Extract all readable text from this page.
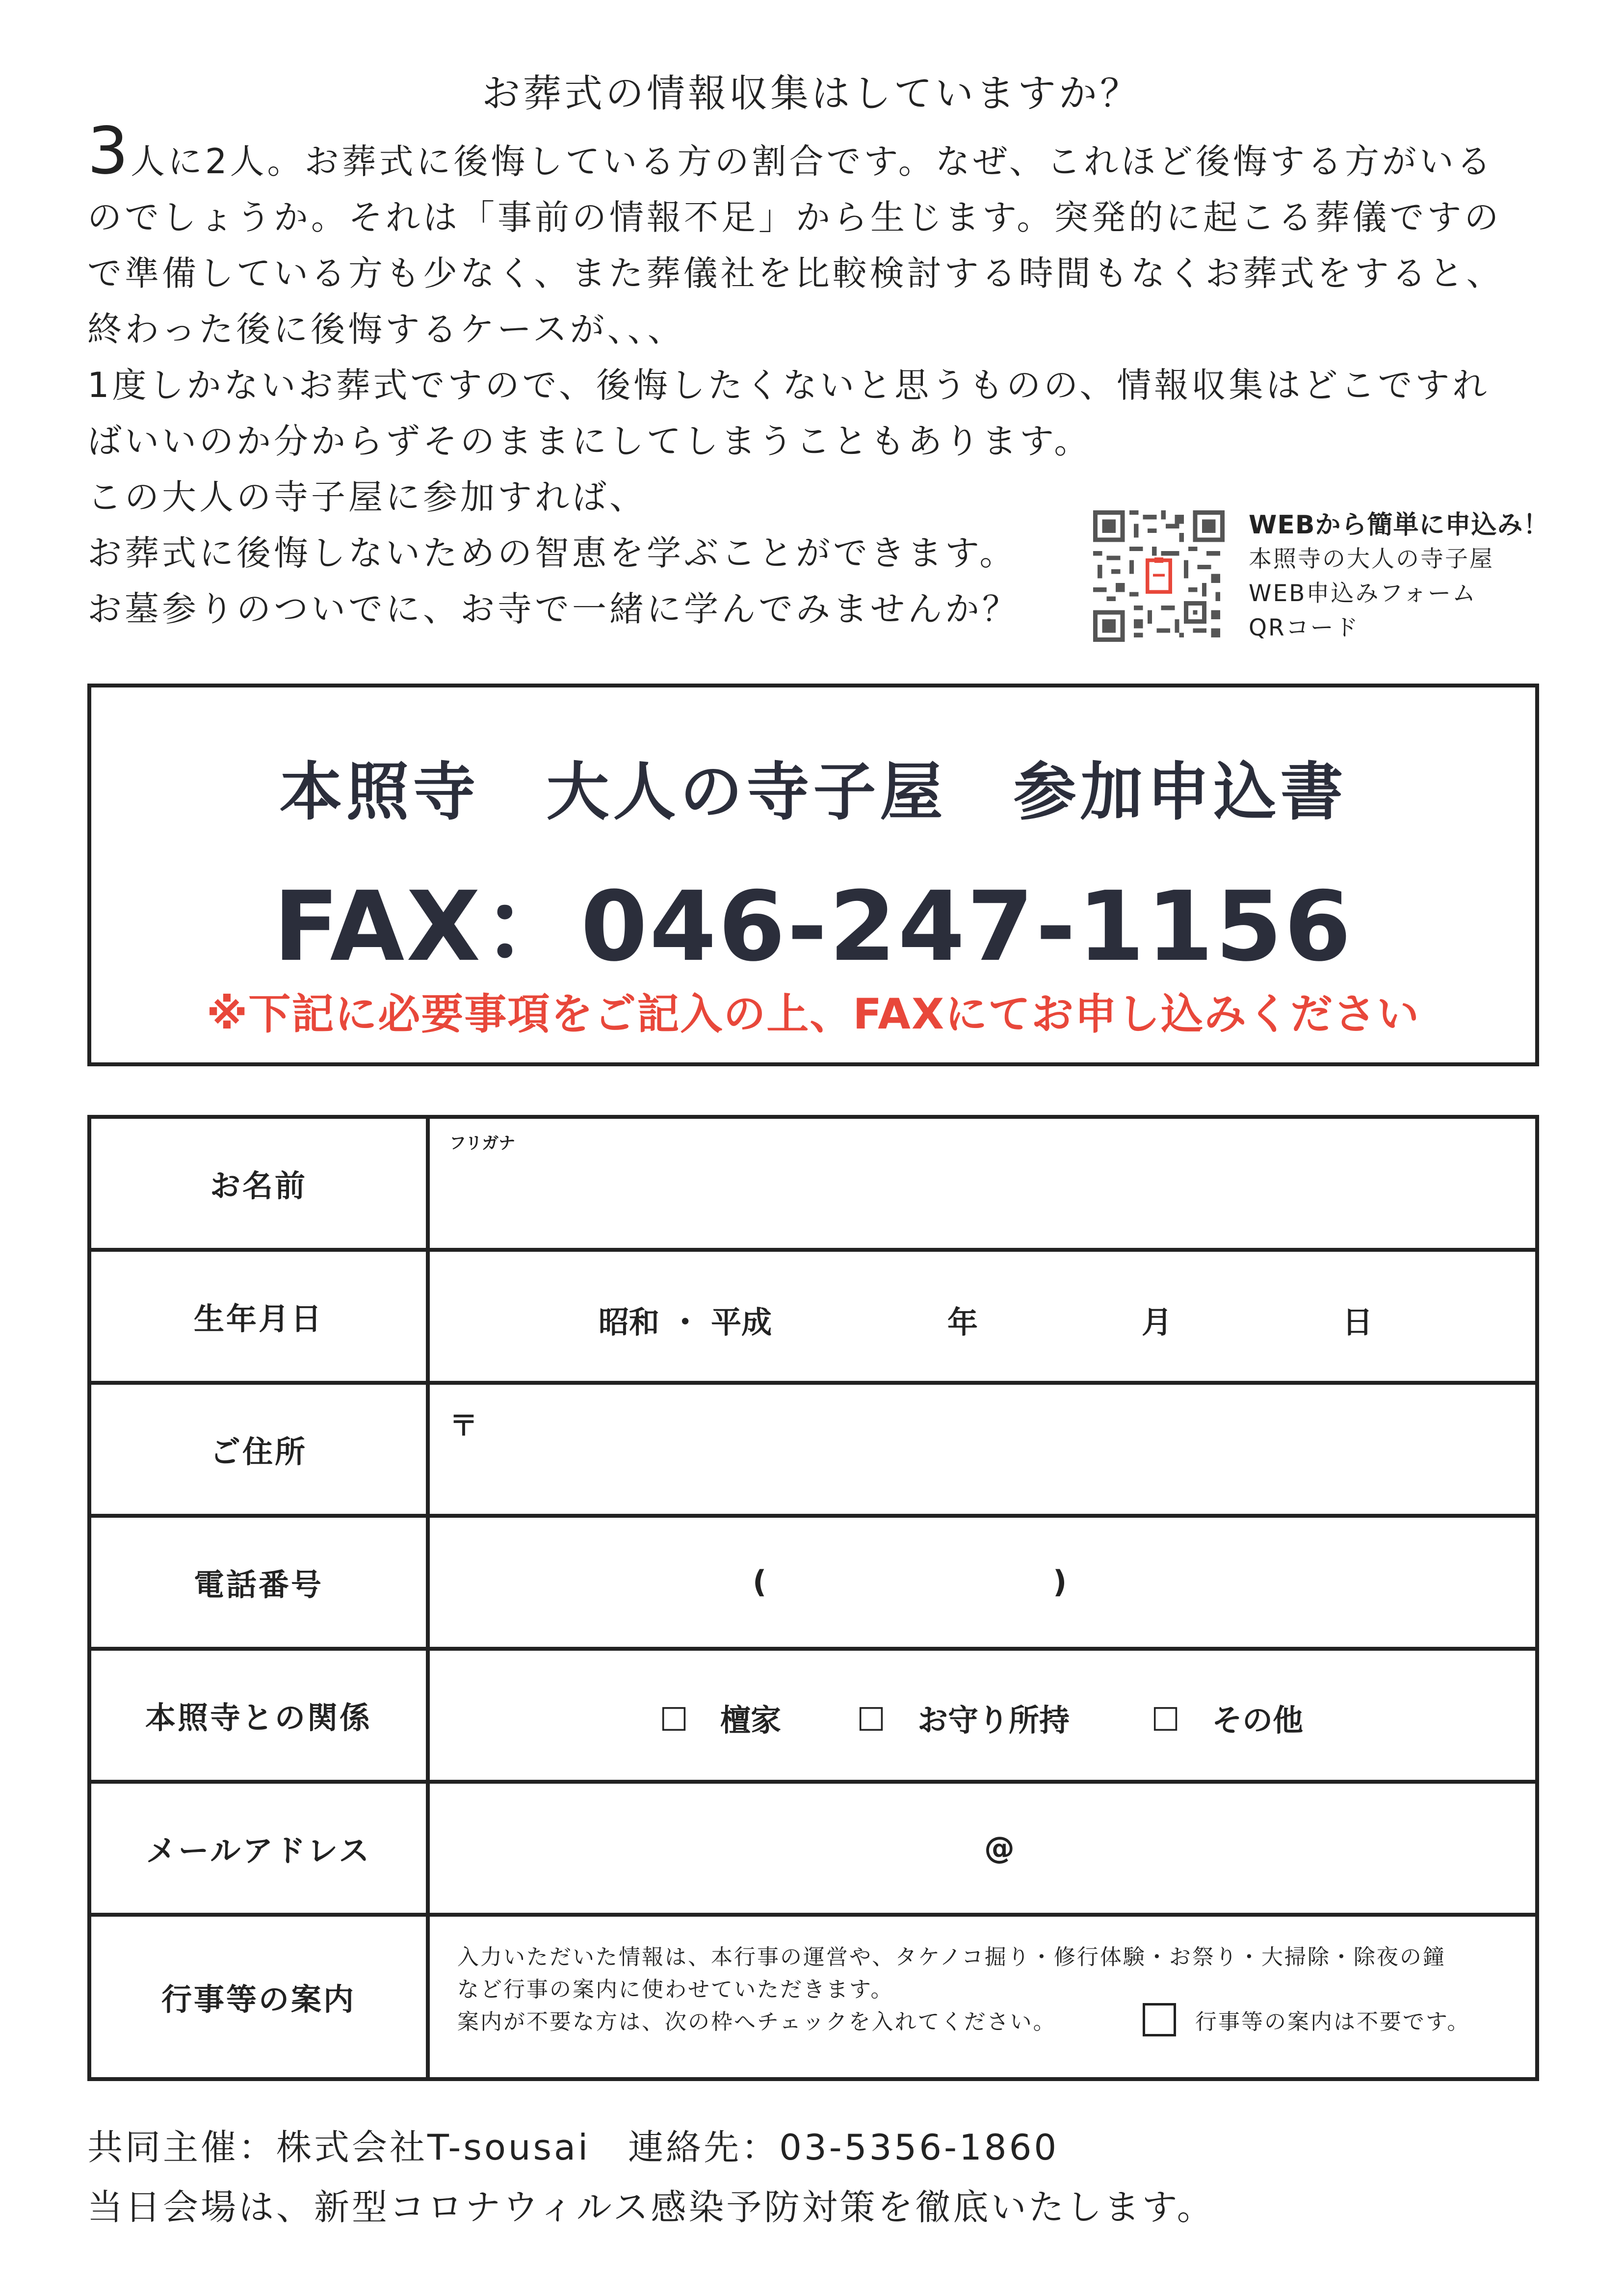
お葬式の情報収集はしていますか？
3人に2人。お葬式に後悔している方の割合です。なぜ、これほど後悔する方がいる
のでしょうか。それは「事前の情報不足」から生じます。突発的に起こる葬儀ですの
で準備している方も少なく、また葬儀社を比較検討する時間もなくお葬式をすると、
終わった後に後悔するケースが、、、
1度しかないお葬式ですので、後悔したくないと思うものの、情報収集はどこですれ
ばいいのか分からずそのままにしてしまうこともあります。
この大人の寺子屋に参加すれば、
お葬式に後悔しないための智恵を学ぶことができます。
お墓参りのついでに、お寺で一緒に学んでみませんか？
WEBから簡単に申込み！
本照寺の大人の寺子屋
WEB申込みフォーム
QRコード
本照寺　大人の寺子屋　参加申込書
FAX：046-247-1156
※下記に必要事項をご記入の上、FAXにてお申し込みください
お名前	フリガナ

生年月日	昭和 ・ 平成 年 月 日

ご住所	〒

電話番号	( )

本照寺との関係	☐ 檀家 ☐ お守り所持 ☐ その他

メールアドレス	@

行事等の案内	入力いただいた情報は、本行事の運営や、タケノコ掘り・修行体験・お祭り・大掃除・除夜の鐘
など行事の案内に使わせていただきます。
案内が不要な方は、次の枠へチェックを入れてください。 行事等の案内は不要です。
共同主催：株式会社T-sousai　連絡先：03-5356-1860
当日会場は、新型コロナウィルス感染予防対策を徹底いたします。
